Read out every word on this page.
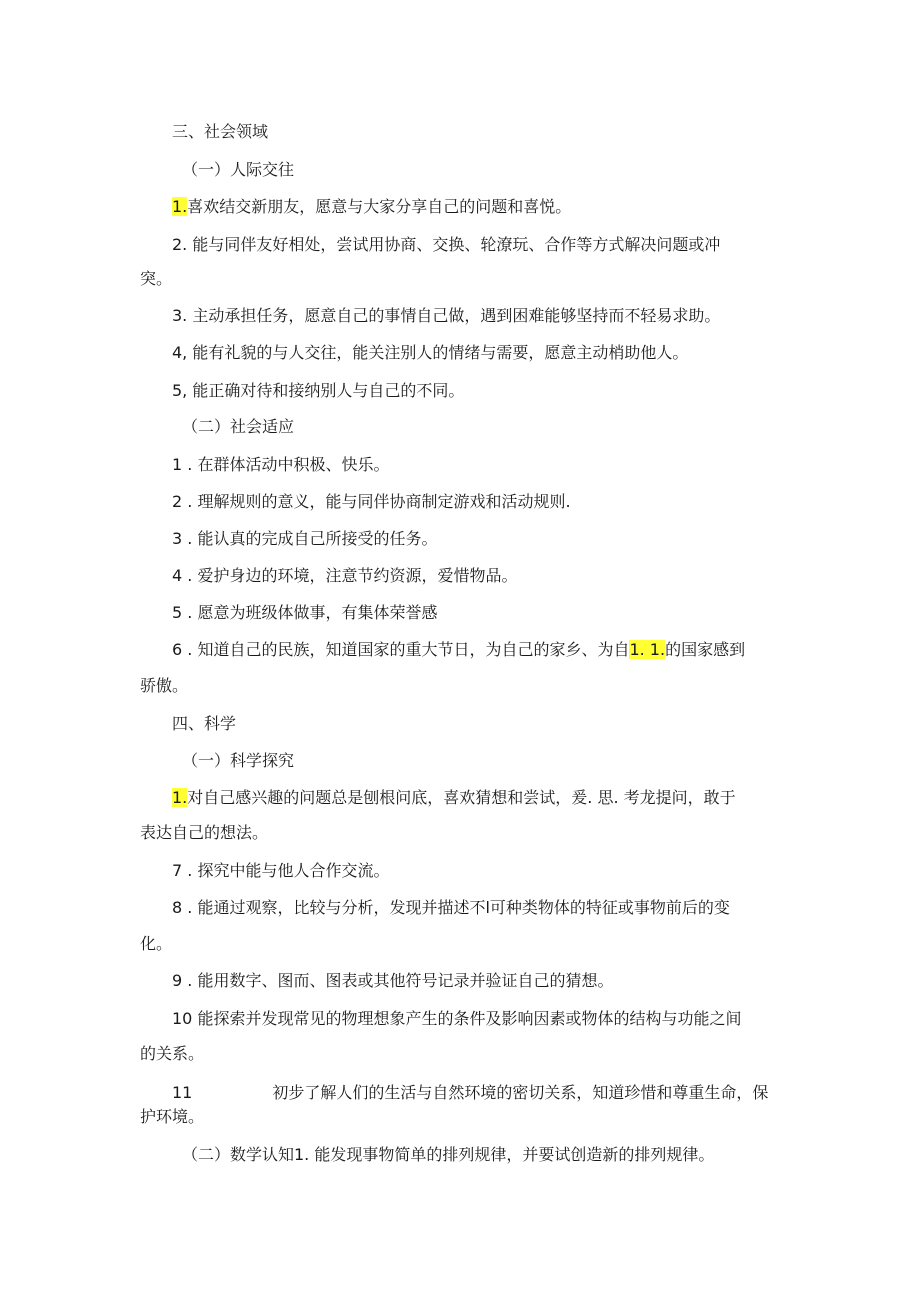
三、社会领域
（一）人际交往
1.喜欢结交新朋友，愿意与大家分享自己的问题和喜悦。
2. 能与同伴友好相处，尝试用协商、交换、轮潦玩、合作等方式解决问题或冲
突。
3. 主动承担任务，愿意自己的事情自己做，遇到困难能够坚持而不轻易求助。
4, 能有礼貌的与人交往，能关注别人的情绪与需要，愿意主动梢助他人。
5, 能正确对待和接纳别人与自己的不同。
（二）社会适应
1 . 在群体活动中积极、快乐。
2 . 理解规则的意义，能与同伴协商制定游戏和活动规则.
3 . 能认真的完成自己所接受的任务。
4 . 爱护身边的环境，注意节约资源，爱惜物品。
5 . 愿意为班级体做事，有集体荣誉感
6 . 知道自己的民族，知道国家的重大节日，为自己的家乡、为自1. 1.的国家感到
骄傲。
四、科学
（一）科学探究
1.对自己感兴趣的问题总是刨根问底，喜欢猜想和尝试，爰. 思. 考龙提问，敢于
表达自己的想法。
7 . 探究中能与他人合作交流。
8 . 能通过观察，比较与分析，发现并描述不l可种类物体的特征或事物前后的变
化。
9 . 能用数字、图而、图表或其他符号记录并验证自己的猜想。
10 能探索并发现常见的物理想象产生的条件及影响因素或物体的结构与功能之间
的关系。
11	初步了解人们的生活与自然环境的密切关系，知道珍惜和尊重生命，保
护环境。
（二）数学认知1. 能发现事物简单的排列规律，并要试创造新的排列规律。
